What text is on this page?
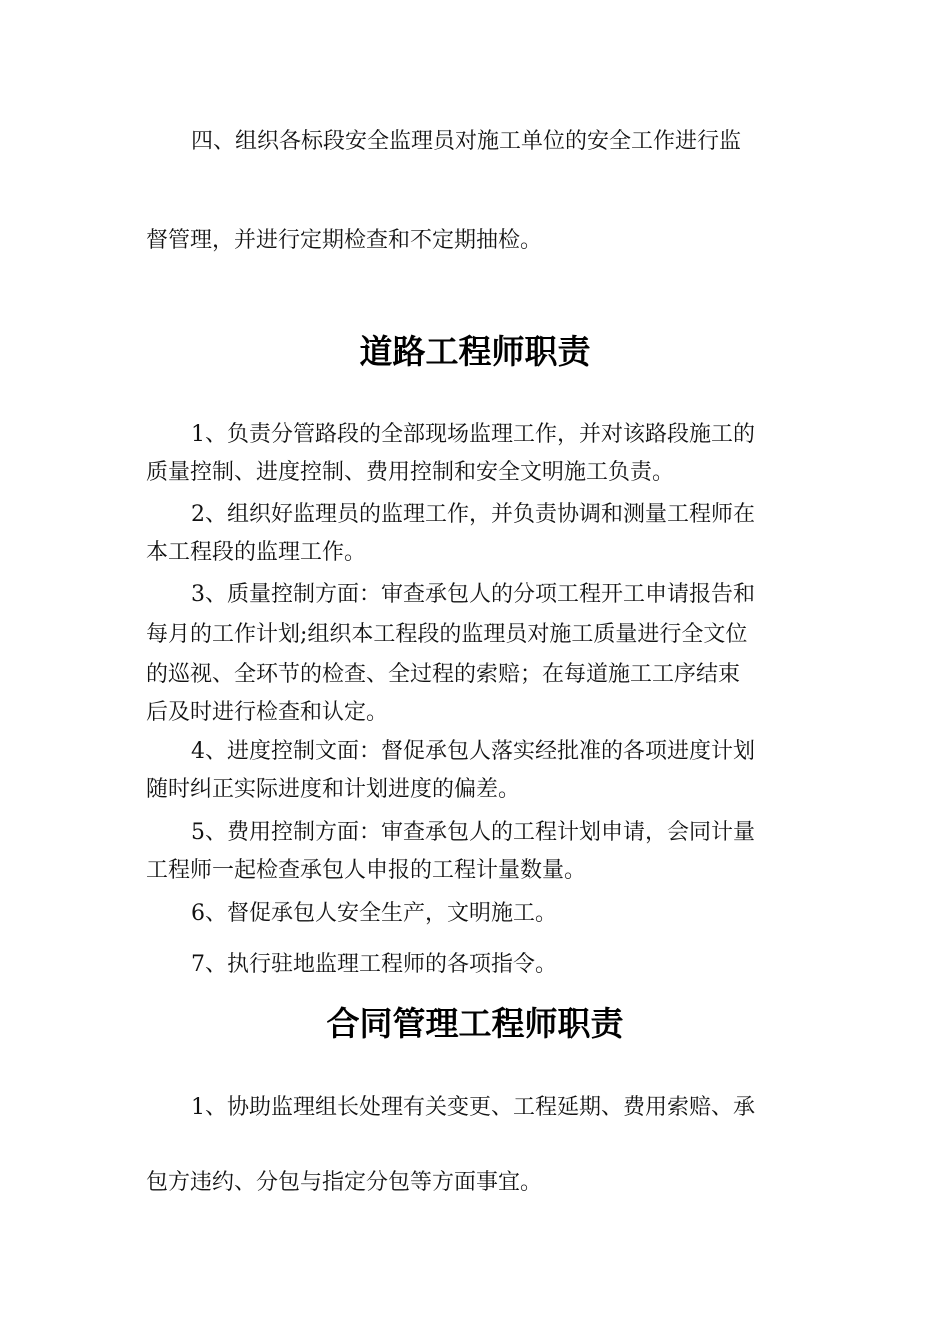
四、组织各标段安全监理员对施工单位的安全工作进行监
督管理，并进行定期检查和不定期抽检。
道路工程师职责
1、负责分管路段的全部现场监理工作，并对该路段施工的
质量控制、进度控制、费用控制和安全文明施工负责。
2、组织好监理员的监理工作，并负责协调和测量工程师在
本工程段的监理工作。
3、质量控制方面：审查承包人的分项工程开工申请报告和
每月的工作计划;组织本工程段的监理员对施工质量进行全文位
的巡视、全环节的检查、全过程的索赔；在每道施工工序结束
后及时进行检查和认定。
4、进度控制文面：督促承包人落实经批准的各项进度计划
随时纠正实际进度和计划进度的偏差。
5、费用控制方面：审查承包人的工程计划申请，会同计量
工程师一起检查承包人申报的工程计量数量。
6、督促承包人安全生产，文明施工。
7、执行驻地监理工程师的各项指令。
合同管理工程师职责
1、协助监理组长处理有关变更、工程延期、费用索赔、承
包方违约、分包与指定分包等方面事宜。
